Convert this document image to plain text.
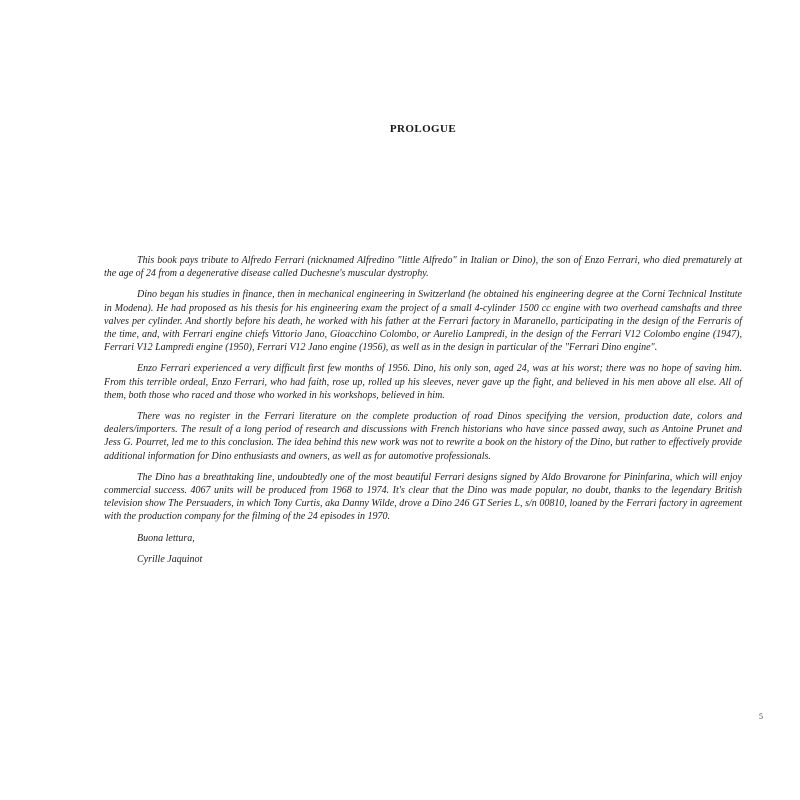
PROLOGUE

This book pays tribute to Alfredo Ferrari (nicknamed Alfredino "little Alfredo" in Italian or Dino), the son of Enzo Ferrari, who died prematurely at the age of 24 from a degenerative disease called Duchesne's muscular dystrophy.

Dino began his studies in finance, then in mechanical engineering in Switzerland (he obtained his engineering degree at the Corni Technical Institute in Modena). He had proposed as his thesis for his engineering exam the project of a small 4-cylinder 1500 cc engine with two overhead camshafts and three valves per cylinder. And shortly before his death, he worked with his father at the Ferrari factory in Maranello, participating in the design of the Ferraris of the time, and, with Ferrari engine chiefs Vittorio Jano, Gioacchino Colombo, or Aurelio Lampredi, in the design of the Ferrari V12 Colombo engine (1947), Ferrari V12 Lampredi engine (1950), Ferrari V12 Jano engine (1956), as well as in the design in particular of the "Ferrari Dino engine".

Enzo Ferrari experienced a very difficult first few months of 1956. Dino, his only son, aged 24, was at his worst; there was no hope of saving him. From this terrible ordeal, Enzo Ferrari, who had faith, rose up, rolled up his sleeves, never gave up the fight, and believed in his men above all else. All of them, both those who raced and those who worked in his workshops, believed in him.

There was no register in the Ferrari literature on the complete production of road Dinos specifying the version, production date, colors and dealers/importers. The result of a long period of research and discussions with French historians who have since passed away, such as Antoine Prunet and Jess G. Pourret, led me to this conclusion. The idea behind this new work was not to rewrite a book on the history of the Dino, but rather to effectively provide additional information for Dino enthusiasts and owners, as well as for automotive professionals.

The Dino has a breathtaking line, undoubtedly one of the most beautiful Ferrari designs signed by Aldo Brovarone for Pininfarina, which will enjoy commercial success. 4067 units will be produced from 1968 to 1974. It's clear that the Dino was made popular, no doubt, thanks to the legendary British television show The Persuaders, in which Tony Curtis, aka Danny Wilde, drove a Dino 246 GT Series L, s/n 00810, loaned by the Ferrari factory in agreement with the production company for the filming of the 24 episodes in 1970.

Buona lettura,

Cyrille Jaquinot

5
